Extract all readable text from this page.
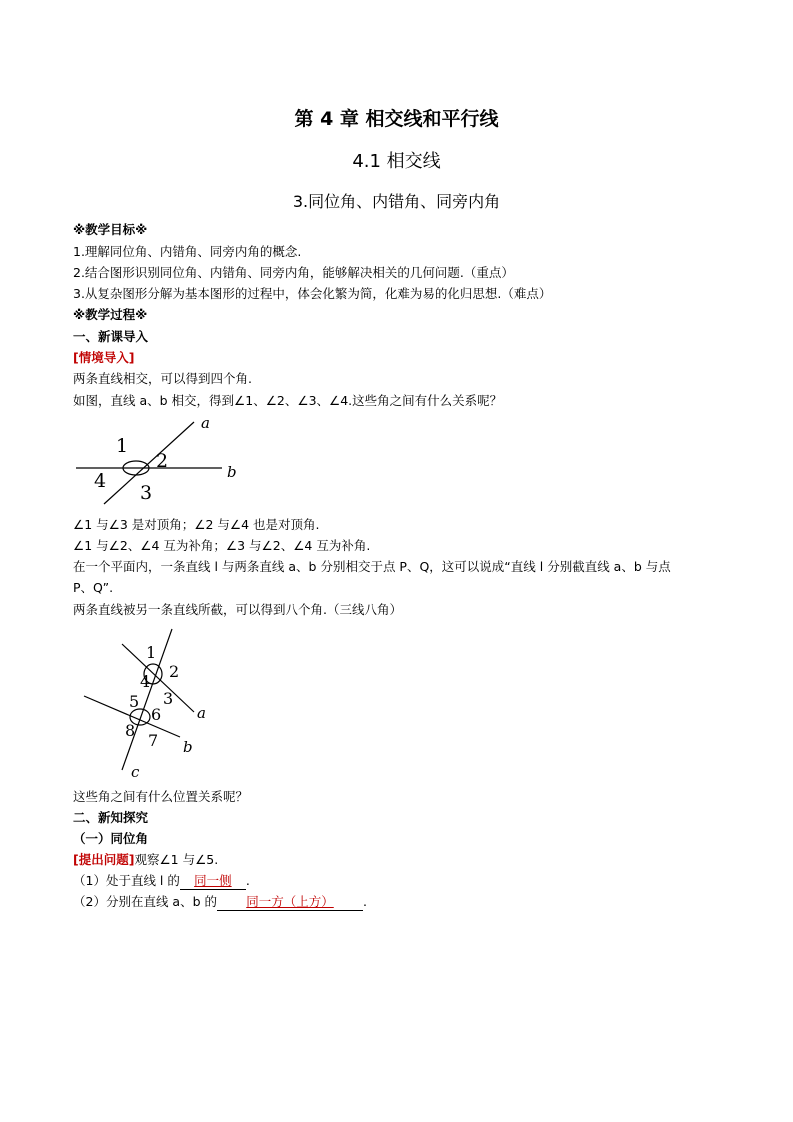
第 4 章 相交线和平行线
4.1 相交线
3.同位角、内错角、同旁内角
※教学目标※
1.理解同位角、内错角、同旁内角的概念.
2.结合图形识别同位角、内错角、同旁内角，能够解决相关的几何问题.（重点）
3.从复杂图形分解为基本图形的过程中，体会化繁为简，化难为易的化归思想.（难点）
※教学过程※
一、新课导入
[情境导入]
两条直线相交，可以得到四个角.
如图，直线 a、b 相交，得到∠1、∠2、∠3、∠4.这些角之间有什么关系呢？
1
2
3
4
a
b
∠1 与∠3 是对顶角；∠2 与∠4 也是对顶角.
∠1 与∠2、∠4 互为补角；∠3 与∠2、∠4 互为补角.
在一个平面内，一条直线 l 与两条直线 a、b 分别相交于点 P、Q，这可以说成“直线 l 分别截直线 a、b 与点
P、Q”.
两条直线被另一条直线所截，可以得到八个角.（三线八角）
1
2
3
4
5
6
7
8
a
b
c
这些角之间有什么位置关系呢？
二、新知探究
（一）同位角
[提出问题]观察∠1 与∠5.
（1）处于直线 l 的 同一侧 .
（2）分别在直线 a、b 的 同一方（上方） .
